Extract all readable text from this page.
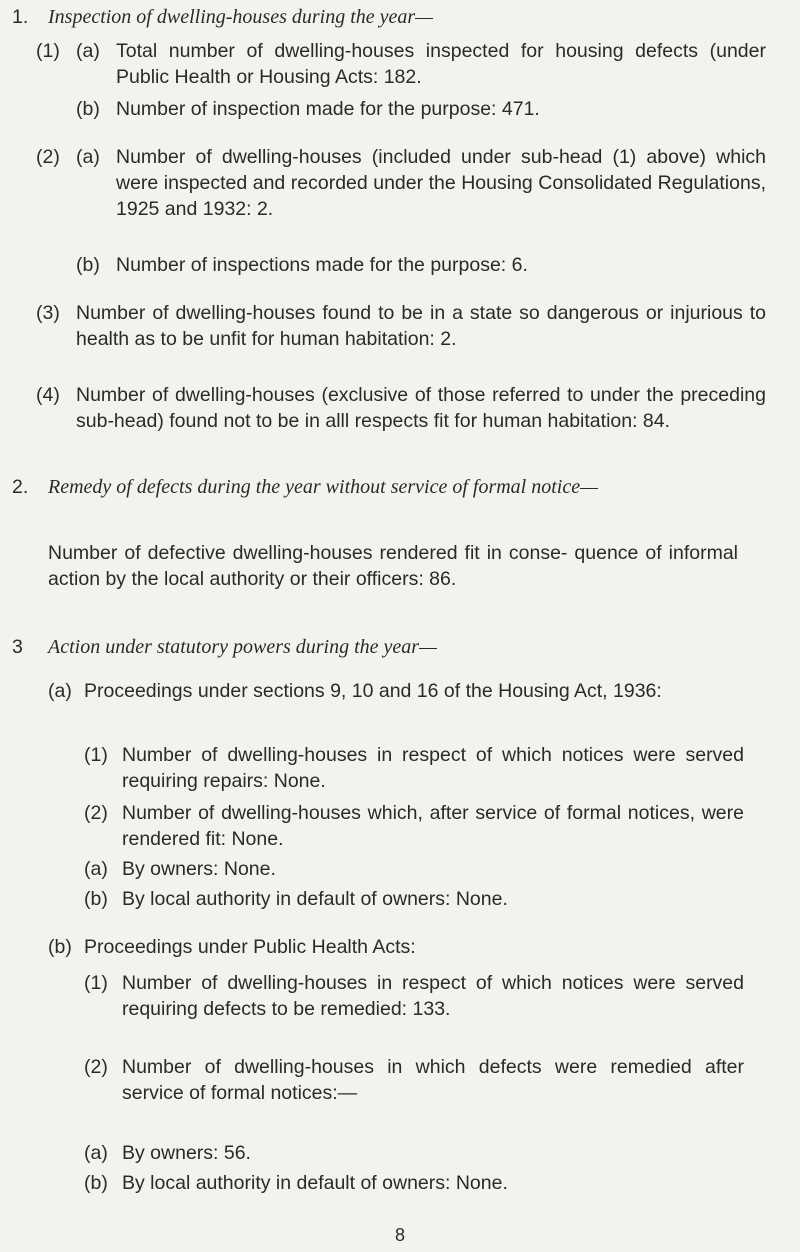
1. Inspection of dwelling-houses during the year—
(1) (a) Total number of dwelling-houses inspected for housing defects (under Public Health or Housing Acts: 182.
(b) Number of inspection made for the purpose: 471.
(2) (a) Number of dwelling-houses (included under sub-head (1) above) which were inspected and recorded under the Housing Consolidated Regulations, 1925 and 1932: 2.
(b) Number of inspections made for the purpose: 6.
(3) Number of dwelling-houses found to be in a state so dangerous or injurious to health as to be unfit for human habitation: 2.
(4) Number of dwelling-houses (exclusive of those referred to under the preceding sub-head) found not to be in alll respects fit for human habitation: 84.
2. Remedy of defects during the year without service of formal notice—
Number of defective dwelling-houses rendered fit in conse- quence of informal action by the local authority or their officers: 86.
3 Action under statutory powers during the year—
(a) Proceedings under sections 9, 10 and 16 of the Housing Act, 1936:
(1) Number of dwelling-houses in respect of which notices were served requiring repairs: None.
(2) Number of dwelling-houses which, after service of formal notices, were rendered fit: None.
(a) By owners: None.
(b) By local authority in default of owners: None.
(b) Proceedings under Public Health Acts:
(1) Number of dwelling-houses in respect of which notices were served requiring defects to be remedied: 133.
(2) Number of dwelling-houses in which defects were remedied after service of formal notices:—
(a) By owners: 56.
(b) By local authority in default of owners: None.
8
